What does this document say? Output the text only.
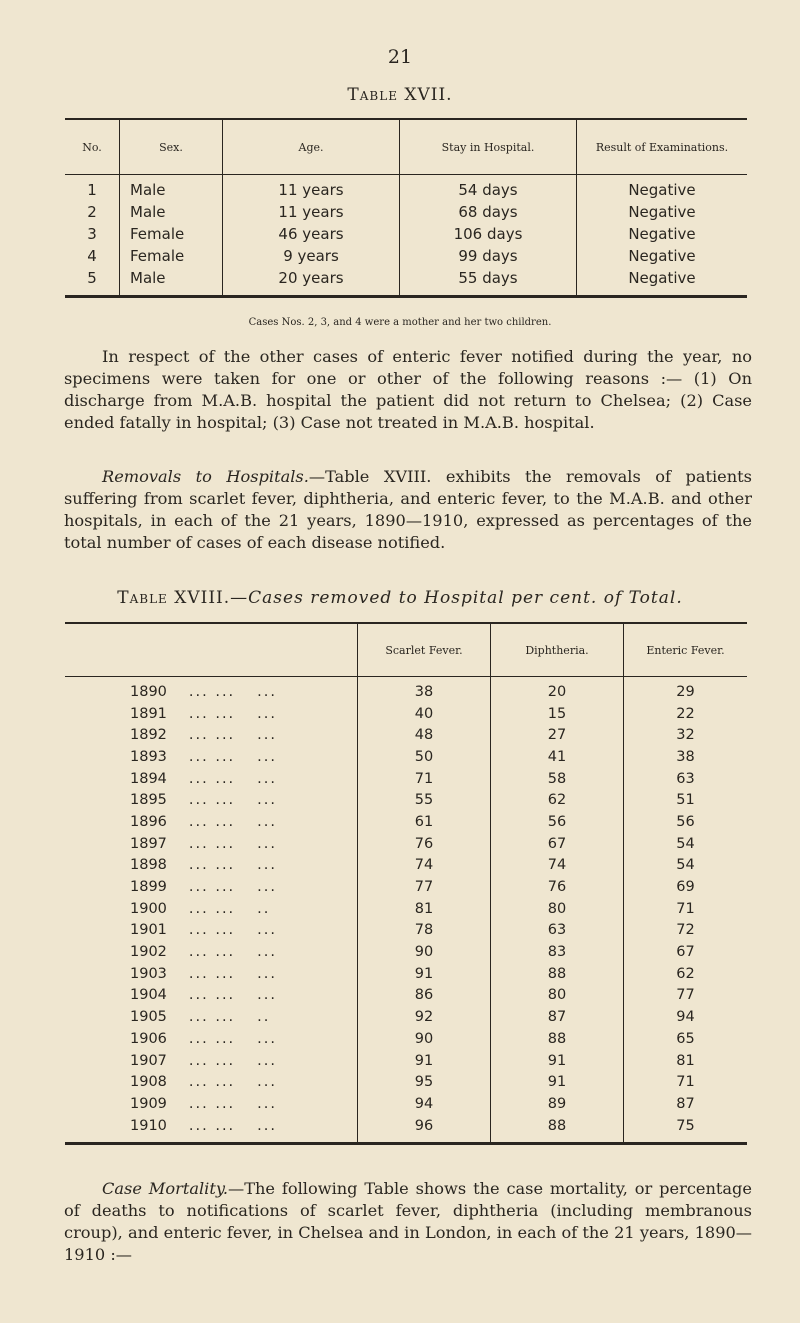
21
Table XVII.
No.	Sex.	Age.	Stay in Hospital.	Result of Examinations.
1	Male	11 years	54 days	Negative
2	Male	11 years	68 days	Negative
3	Female	46 years	106 days	Negative
4	Female	9 years	99 days	Negative
5	Male	20 years	55 days	Negative
Cases Nos. 2, 3, and 4 were a mother and her two children.

In respect of the other cases of enteric fever notified during the year, no specimens were taken for one or other of the following reasons :— (1) On discharge from M.A.B. hospital the patient did not return to Chelsea; (2) Case ended fatally in hospital; (3) Case not treated in M.A.B. hospital.

Removals to Hospitals.—Table XVIII. exhibits the removals of patients suffering from scarlet fever, diphtheria, and enteric fever, to the M.A.B. and other hospitals, in each of the 21 years, 1890—1910, expressed as percentages of the total number of cases of each disease notified.

Table XVIII.—Cases removed to Hospital per cent. of Total.
	Scarlet Fever.	Diphtheria.	Enteric Fever.
1890 ... ... ...	38	20	29
1891 ... ... ...	40	15	22
1892 ... ... ...	48	27	32
1893 ... ... ...	50	41	38
1894 ... ... ...	71	58	63
1895 ... ... ...	55	62	51
1896 ... ... ...	61	56	56
1897 ... ... ...	76	67	54
1898 ... ... ...	74	74	54
1899 ... ... ...	77	76	69
1900 ... ... ..	81	80	71
1901 ... ... ...	78	63	72
1902 ... ... ...	90	83	67
1903 ... ... ...	91	88	62
1904 ... ... ...	86	80	77
1905 ... ... ..	92	87	94
1906 ... ... ...	90	88	65
1907 ... ... ...	91	91	81
1908 ... ... ...	95	91	71
1909 ... ... ...	94	89	87
1910 ... ... ...	96	88	75

Case Mortality.—The following Table shows the case mortality, or percentage of deaths to notifications of scarlet fever, diphtheria (including membranous croup), and enteric fever, in Chelsea and in London, in each of the 21 years, 1890—1910 :—
